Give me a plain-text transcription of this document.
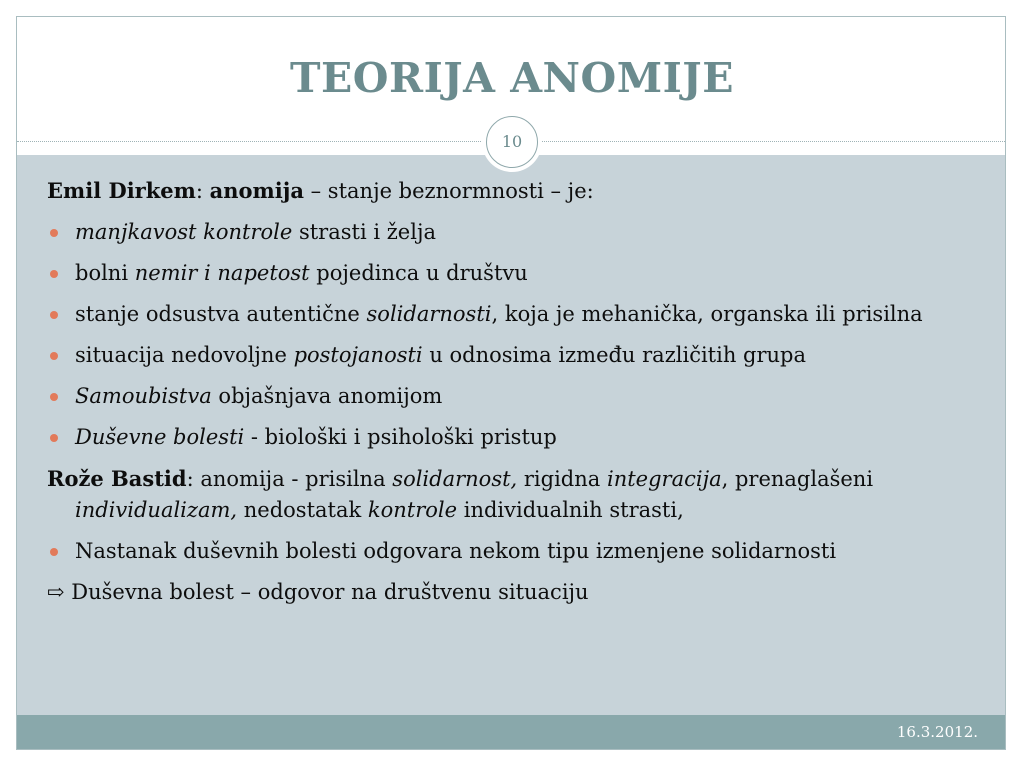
TEORIJA ANOMIJE
16.3.2012.
10

Emil Dirkem: anomija – stanje beznormnosti – je:

manjkavost kontrole strasti i želja
bolni nemir i napetost pojedinca u društvu
stanje odsustva autentične solidarnosti, koja je mehanička, organska ili prisilna
situacija nedovoljne postojanosti u odnosima između različitih grupa
Samoubistva objašnjava anomijom
Duševne bolesti - biološki i psihološki pristup

Rože Bastid: anomija - prisilna solidarnost, rigidna integracija, prenaglašeni individualizam, nedostatak kontrole individualnih strasti,

Nastanak duševnih bolesti odgovara nekom tipu izmenjene solidarnosti

⇨ Duševna bolest – odgovor na društvenu situaciju
